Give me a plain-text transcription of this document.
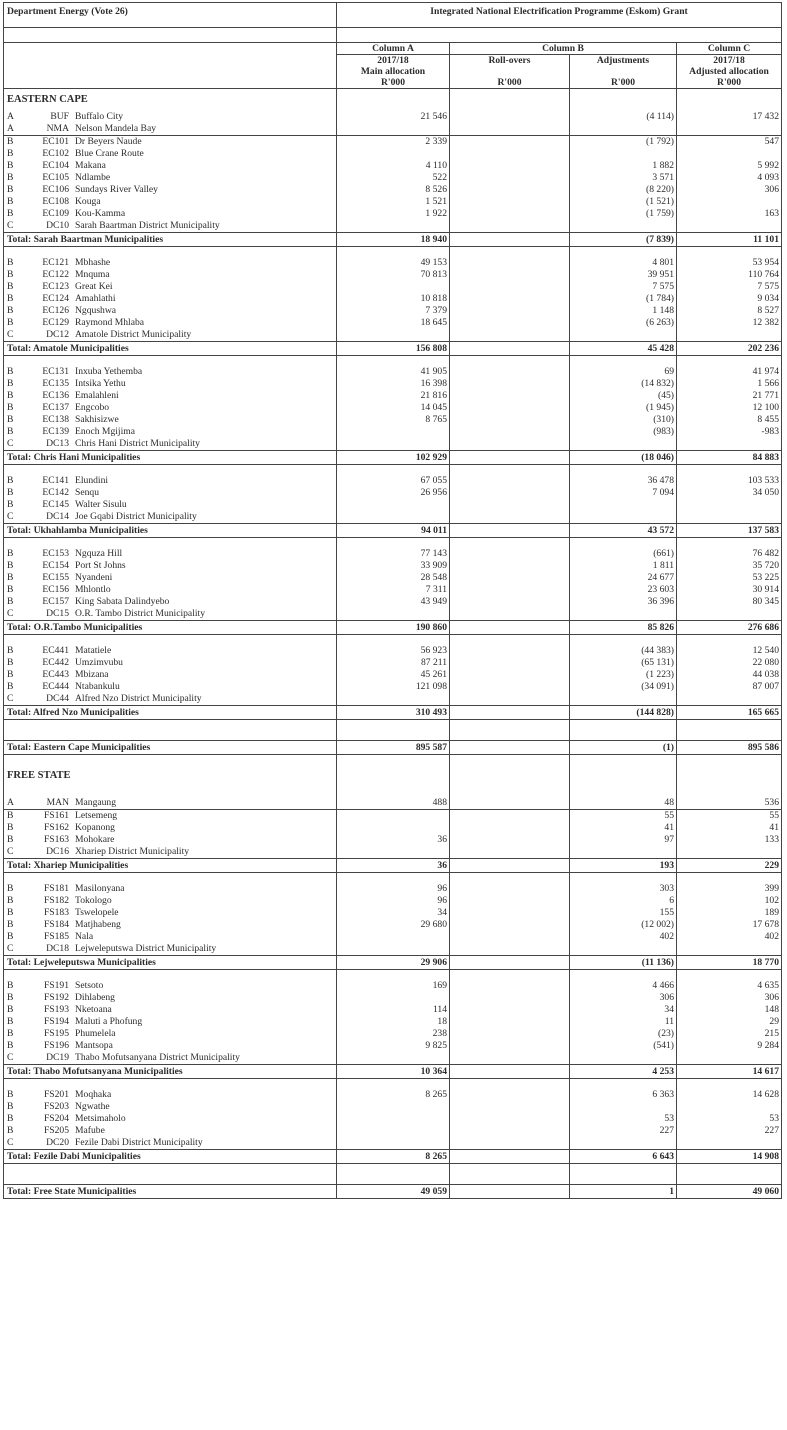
Department Energy (Vote 26)	Integrated National Electrification Programme (Eskom) Grant			

	Column A	Column B		Column C
	2017/18	Roll-overs	Adjustments	2017/18
	Main allocation			Adjusted allocation
	R'000	R'000	R'000	R'000
EASTERN CAPE				
A BUF Buffalo City	21 546		(4 114)	17 432
A NMA Nelson Mandela Bay				
B EC101 Dr Beyers Naude	2 339		(1 792)	547
B EC102 Blue Crane Route				
B EC104 Makana	4 110		1 882	5 992
B EC105 Ndlambe	522		3 571	4 093
B EC106 Sundays River Valley	8 526		(8 220)	306
B EC108 Kouga	1 521		(1 521)	
B EC109 Kou-Kamma	1 922		(1 759)	163
C DC10 Sarah Baartman District Municipality				
Total: Sarah Baartman Municipalities	18 940		(7 839)	11 101

B EC121 Mbhashe	49 153		4 801	53 954
B EC122 Mnquma	70 813		39 951	110 764
B EC123 Great Kei			7 575	7 575
B EC124 Amahlathi	10 818		(1 784)	9 034
B EC126 Ngqushwa	7 379		1 148	8 527
B EC129 Raymond Mhlaba	18 645		(6 263)	12 382
C DC12 Amatole District Municipality				
Total: Amatole Municipalities	156 808		45 428	202 236

B EC131 Inxuba Yethemba	41 905		69	41 974
B EC135 Intsika Yethu	16 398		(14 832)	1 566
B EC136 Emalahleni	21 816		(45)	21 771
B EC137 Engcobo	14 045		(1 945)	12 100
B EC138 Sakhisizwe	8 765		(310)	8 455
B EC139 Enoch Mgijima			(983)	-983
C DC13 Chris Hani District Municipality				
Total: Chris Hani Municipalities	102 929		(18 046)	84 883

B EC141 Elundini	67 055		36 478	103 533
B EC142 Senqu	26 956		7 094	34 050
B EC145 Walter Sisulu				
C DC14 Joe Gqabi District Municipality				
Total: Ukhahlamba Municipalities	94 011		43 572	137 583

B EC153 Ngquza Hill	77 143		(661)	76 482
B EC154 Port St Johns	33 909		1 811	35 720
B EC155 Nyandeni	28 548		24 677	53 225
B EC156 Mhlontlo	7 311		23 603	30 914
B EC157 King Sabata Dalindyebo	43 949		36 396	80 345
C DC15 O.R. Tambo District Municipality				
Total: O.R.Tambo Municipalities	190 860		85 826	276 686

B EC441 Matatiele	56 923		(44 383)	12 540
B EC442 Umzimvubu	87 211		(65 131)	22 080
B EC443 Mbizana	45 261		(1 223)	44 038
B EC444 Ntabankulu	121 098		(34 091)	87 007
C DC44 Alfred Nzo District Municipality				
Total: Alfred Nzo Municipalities	310 493		(144 828)	165 665

Total: Eastern Cape Municipalities	895 587		(1)	895 586

FREE STATE				

A MAN Mangaung	488		48	536
B FS161 Letsemeng			55	55
B FS162 Kopanong			41	41
B FS163 Mohokare	36		97	133
C DC16 Xhariep District Municipality				
Total: Xhariep Municipalities	36		193	229

B FS181 Masilonyana	96		303	399
B FS182 Tokologo	96		6	102
B FS183 Tswelopele	34		155	189
B FS184 Matjhabeng	29 680		(12 002)	17 678
B FS185 Nala			402	402
C DC18 Lejweleputswa District Municipality				
Total: Lejweleputswa Municipalities	29 906		(11 136)	18 770

B FS191 Setsoto	169		4 466	4 635
B FS192 Dihlabeng			306	306
B FS193 Nketoana	114		34	148
B FS194 Maluti a Phofung	18		11	29
B FS195 Phumelela	238		(23)	215
B FS196 Mantsopa	9 825		(541)	9 284
C DC19 Thabo Mofutsanyana District Municipality				
Total: Thabo Mofutsanyana Municipalities	10 364		4 253	14 617

B FS201 Moqhaka	8 265		6 363	14 628
B FS203 Ngwathe				
B FS204 Metsimaholo			53	53
B FS205 Mafube			227	227
C DC20 Fezile Dabi District Municipality				
Total: Fezile Dabi Municipalities	8 265		6 643	14 908

Total: Free State Municipalities	49 059		1	49 060
